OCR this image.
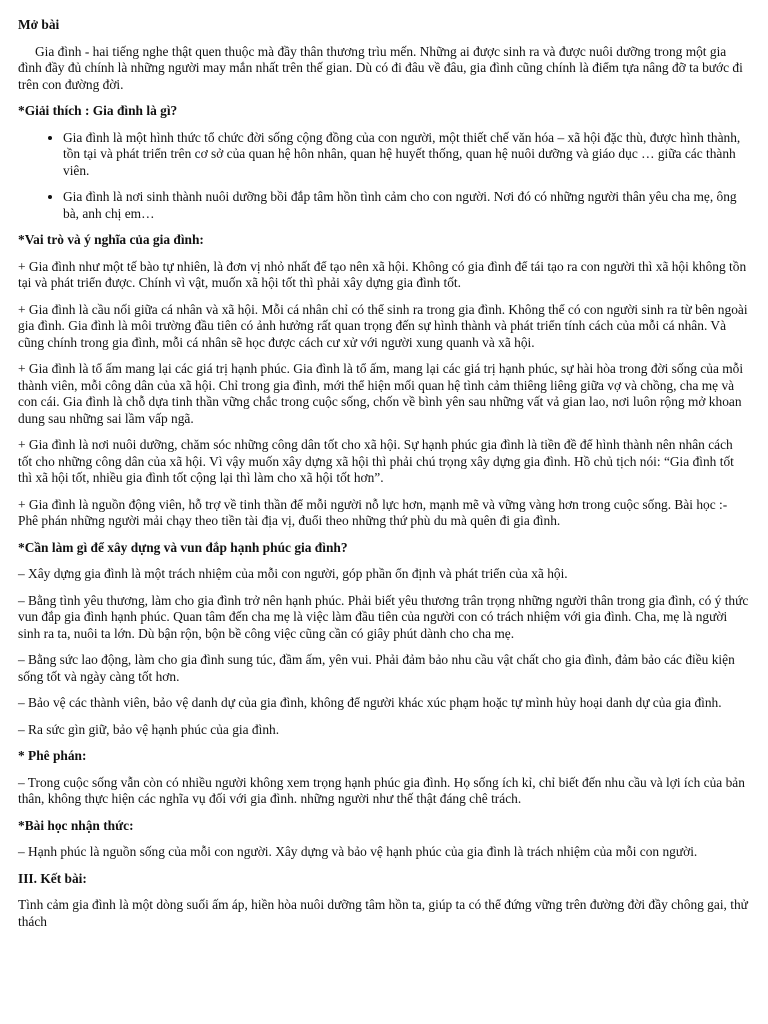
Mở bài
Gia đình - hai tiếng nghe thật quen thuộc mà đầy thân thương trìu mến. Những ai được sinh ra và được nuôi dưỡng trong một gia đình đầy đủ chính là những người may mắn nhất trên thế gian. Dù có đi đâu về đâu, gia đình cũng chính là điểm tựa nâng đỡ ta bước đi trên con đường đời.
*Giải thích : Gia đình là gì?
• Gia đình là một hình thức tổ chức đời sống cộng đồng của con người, một thiết chế văn hóa – xã hội đặc thù, được hình thành, tồn tại và phát triển trên cơ sở của quan hệ hôn nhân, quan hệ huyết thống, quan hệ nuôi dưỡng và giáo dục … giữa các thành viên.
• Gia đình là nơi sinh thành nuôi dưỡng bồi đắp tâm hồn tình cảm cho con người. Nơi đó có những người thân yêu cha mẹ, ông bà, anh chị em…
*Vai trò và ý nghĩa của gia đình:
+ Gia đình như một tế bào tự nhiên, là đơn vị nhỏ nhất để tạo nên xã hội. Không có gia đình để tái tạo ra con người thì xã hội không tồn tại và phát triển được. Chính vì vật, muốn xã hội tốt thì phải xây dựng gia đình tốt.
+ Gia đình là cầu nối giữa cá nhân và xã hội. Mỗi cá nhân chỉ có thể sinh ra trong gia đình. Không thể có con người sinh ra từ bên ngoài gia đình. Gia đình là môi trường đầu tiên có ảnh hưởng rất quan trọng đến sự hình thành và phát triển tính cách của mỗi cá nhân. Và cũng chính trong gia đình, mỗi cá nhân sẽ học được cách cư xử với người xung quanh và xã hội.
+ Gia đình là tổ ấm mang lại các giá trị hạnh phúc. Gia đình là tổ ấm, mang lại các giá trị hạnh phúc, sự hài hòa trong đời sống của mỗi thành viên, mỗi công dân của xã hội. Chỉ trong gia đình, mới thể hiện mối quan hệ tình cảm thiêng liêng giữa vợ và chồng, cha mẹ và con cái. Gia đình là chỗ dựa tinh thần vững chắc trong cuộc sống, chốn về bình yên sau những vất vả gian lao, nơi luôn rộng mở khoan dung sau những sai lầm vấp ngã.
+ Gia đình là nơi nuôi dưỡng, chăm sóc những công dân tốt cho xã hội. Sự hạnh phúc gia đình là tiền đề để hình thành nên nhân cách tốt cho những công dân của xã hội. Vì vậy muốn xây dựng xã hội thì phải chú trọng xây dựng gia đình. Hồ chủ tịch nói: “Gia đình tốt thì xã hội tốt, nhiều gia đình tốt cộng lại thì làm cho xã hội tốt hơn”.
+ Gia đình là nguồn động viên, hỗ trợ về tinh thần để mỗi người nỗ lực hơn, mạnh mẽ và vững vàng hơn trong cuộc sống. Bài học :- Phê phán những người mải chạy theo tiền tài địa vị, đuổi theo những thứ phù du mà quên đi gia đình.
*Cần làm gì để xây dựng và vun đắp hạnh phúc gia đình?
– Xây dựng gia đình là một trách nhiệm của mỗi con người, góp phần ổn định và phát triển của xã hội.
– Bằng tình yêu thương, làm cho gia đình trở nên hạnh phúc. Phải biết yêu thương trân trọng những người thân trong gia đình, có ý thức vun đắp gia đình hạnh phúc. Quan tâm đến cha mẹ là việc làm đầu tiên của người con có trách nhiệm với gia đình. Cha, mẹ là người sinh ra ta, nuôi ta lớn. Dù bận rộn, bộn bề công việc cũng cần có giây phút dành cho cha mẹ.
– Bằng sức lao động, làm cho gia đình sung túc, đầm ấm, yên vui. Phải đảm bảo nhu cầu vật chất cho gia đình, đảm bảo các điều kiện sống tốt và ngày càng tốt hơn.
– Bảo vệ các thành viên, bảo vệ danh dự của gia đình, không để người khác xúc phạm hoặc tự mình hủy hoại danh dự của gia đình.
– Ra sức gìn giữ, bảo vệ hạnh phúc của gia đình.
* Phê phán:
– Trong cuộc sống vẫn còn có nhiều người không xem trọng hạnh phúc gia đình. Họ sống ích kỉ, chỉ biết đến nhu cầu và lợi ích của bản thân, không thực hiện các nghĩa vụ đối với gia đình. những người như thế thật đáng chê trách.
*Bài học nhận thức:
– Hạnh phúc là nguồn sống của mỗi con người. Xây dựng và bảo vệ hạnh phúc của gia đình là trách nhiệm của mỗi con người.
III. Kết bài:
Tình cảm gia đình là một dòng suối ấm áp, hiền hòa nuôi dưỡng tâm hồn ta, giúp ta có thể đứng vững trên đường đời đầy chông gai, thử thách
